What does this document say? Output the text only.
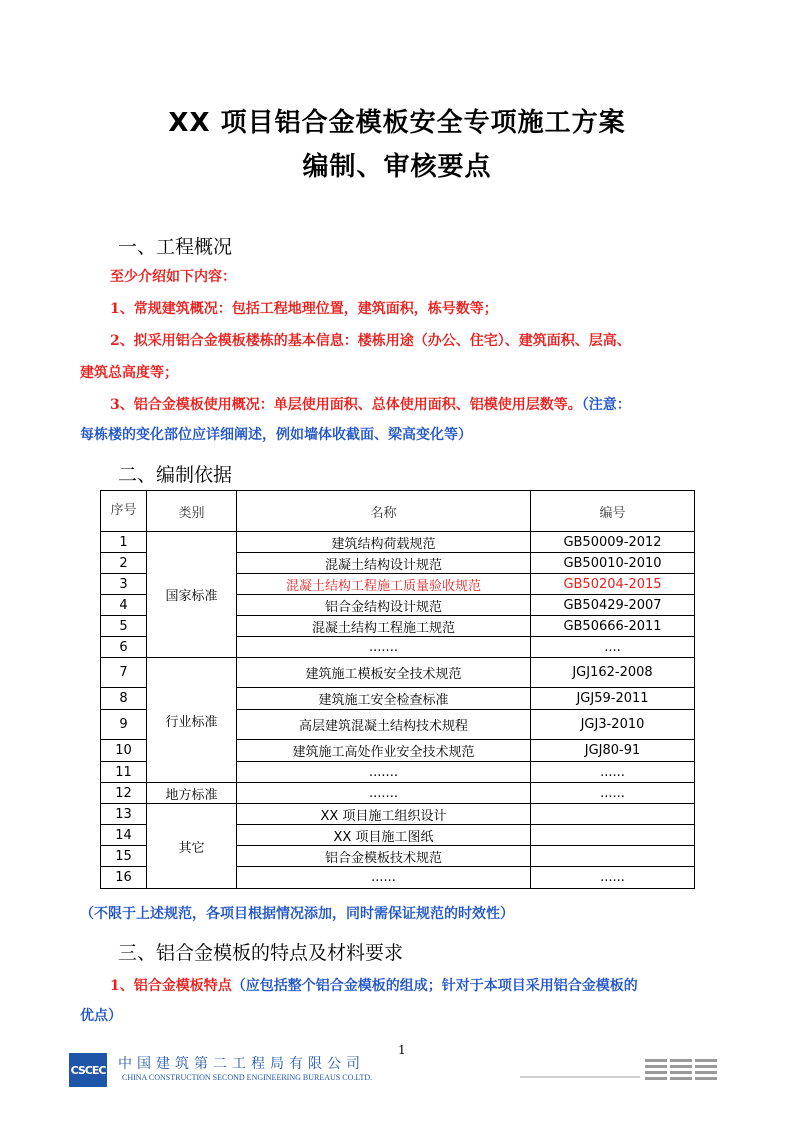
XX 项目铝合金模板安全专项施工方案
编制、审核要点
一、工程概况
至少介绍如下内容：
1、常规建筑概况：包括工程地理位置，建筑面积，栋号数等；
2、拟采用铝合金模板楼栋的基本信息：楼栋用途（办公、住宅）、建筑面积、层高、
建筑总高度等；
3、铝合金模板使用概况：单层使用面积、总体使用面积、铝模使用层数等。（注意：
每栋楼的变化部位应详细阐述，例如墙体收截面、梁高变化等）
二、编制依据
序号	类别	名称	编号
1	国家标准	建筑结构荷载规范	GB50009-2012
2		混凝土结构设计规范	GB50010-2010
3		混凝土结构工程施工质量验收规范	GB50204-2015
4		铝合金结构设计规范	GB50429-2007
5		混凝土结构工程施工规范	GB50666-2011
6		.......	....
7	行业标准	建筑施工模板安全技术规范	JGJ162-2008
8		建筑施工安全检查标准	JGJ59-2011
9		高层建筑混凝土结构技术规程	JGJ3-2010
10		建筑施工高处作业安全技术规范	JGJ80-91
11		.......	......
12	地方标准	.......	......
13	其它	XX 项目施工组织设计	
14		XX 项目施工图纸	
15		铝合金模板技术规范	
16		......	......
（不限于上述规范，各项目根据情况添加，同时需保证规范的时效性）
三、铝合金模板的特点及材料要求
1、铝合金模板特点（应包括整个铝合金模板的组成；针对于本项目采用铝合金模板的
优点）
1
CSCEC 中国建筑第二工程局有限公司
CHINA CONSTRUCTION SECOND ENGINEERING BUREAUS CO.LTD.
